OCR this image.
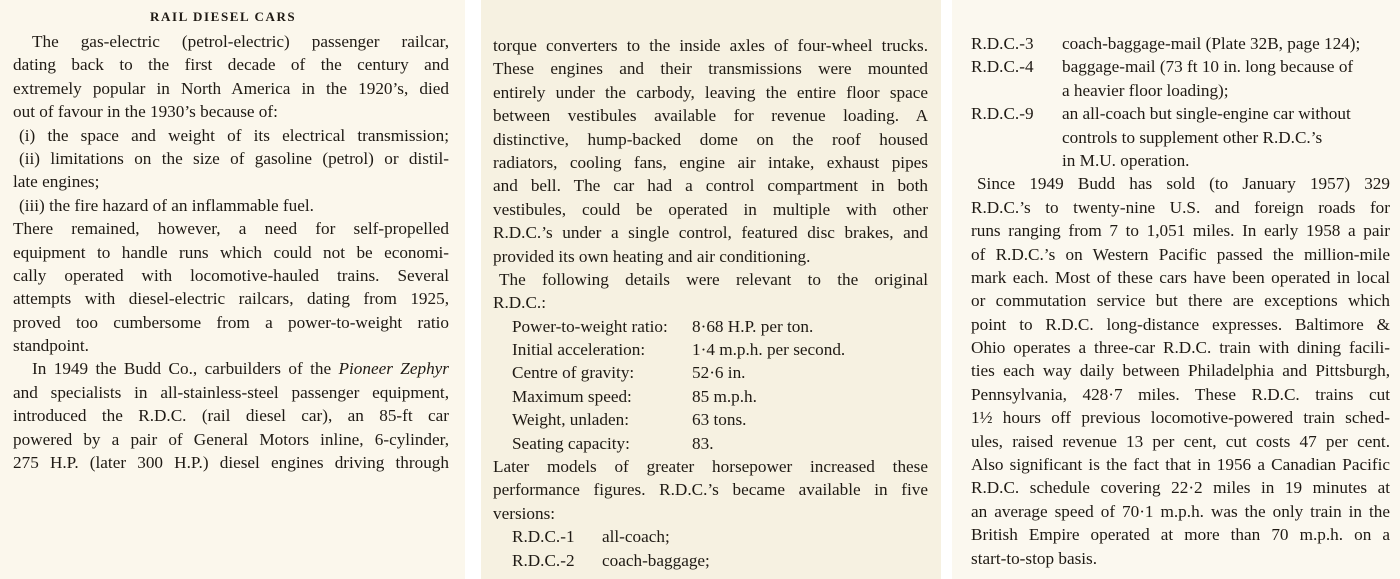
RAIL DIESEL CARS
The gas-electric (petrol-electric) passenger railcar,
dating back to the first decade of the century and
extremely popular in North America in the 1920’s, died
out of favour in the 1930’s because of:
(i) the space and weight of its electrical transmission;
(ii) limitations on the size of gasoline (petrol) or distil-
late engines;
(iii) the fire hazard of an inflammable fuel.
There remained, however, a need for self-propelled
equipment to handle runs which could not be economi-
cally operated with locomotive-hauled trains. Several
attempts with diesel-electric railcars, dating from 1925,
proved too cumbersome from a power-to-weight ratio
standpoint.
In 1949 the Budd Co., carbuilders of the Pioneer Zephyr
and specialists in all-stainless-steel passenger equipment,
introduced the R.D.C. (rail diesel car), an 85-ft car
powered by a pair of General Motors inline, 6-cylinder,
275 H.P. (later 300 H.P.) diesel engines driving through
torque converters to the inside axles of four-wheel trucks.
These engines and their transmissions were mounted
entirely under the carbody, leaving the entire floor space
between vestibules available for revenue loading. A
distinctive, hump-backed dome on the roof housed
radiators, cooling fans, engine air intake, exhaust pipes
and bell. The car had a control compartment in both
vestibules, could be operated in multiple with other
R.D.C.’s under a single control, featured disc brakes, and
provided its own heating and air conditioning.
The following details were relevant to the original
R.D.C.:
Power-to-weight ratio:	8·68 H.P. per ton.
Initial acceleration:	1·4 m.p.h. per second.
Centre of gravity:	52·6 in.
Maximum speed:	85 m.p.h.
Weight, unladen:	63 tons.
Seating capacity:	83.
Later models of greater horsepower increased these
performance figures. R.D.C.’s became available in five
versions:
R.D.C.-1	all-coach;
R.D.C.-2	coach-baggage;
R.D.C.-3	coach-baggage-mail (Plate 32B, page 124);
R.D.C.-4	baggage-mail (73 ft 10 in. long because of
a heavier floor loading);
R.D.C.-9	an all-coach but single-engine car without
controls to supplement other R.D.C.’s
in M.U. operation.
Since 1949 Budd has sold (to January 1957) 329
R.D.C.’s to twenty-nine U.S. and foreign roads for
runs ranging from 7 to 1,051 miles. In early 1958 a pair
of R.D.C.’s on Western Pacific passed the million-mile
mark each. Most of these cars have been operated in local
or commutation service but there are exceptions which
point to R.D.C. long-distance expresses. Baltimore &
Ohio operates a three-car R.D.C. train with dining facili-
ties each way daily between Philadelphia and Pittsburgh,
Pennsylvania, 428·7 miles. These R.D.C. trains cut
1½ hours off previous locomotive-powered train sched-
ules, raised revenue 13 per cent, cut costs 47 per cent.
Also significant is the fact that in 1956 a Canadian Pacific
R.D.C. schedule covering 22·2 miles in 19 minutes at
an average speed of 70·1 m.p.h. was the only train in the
British Empire operated at more than 70 m.p.h. on a
start-to-stop basis.
